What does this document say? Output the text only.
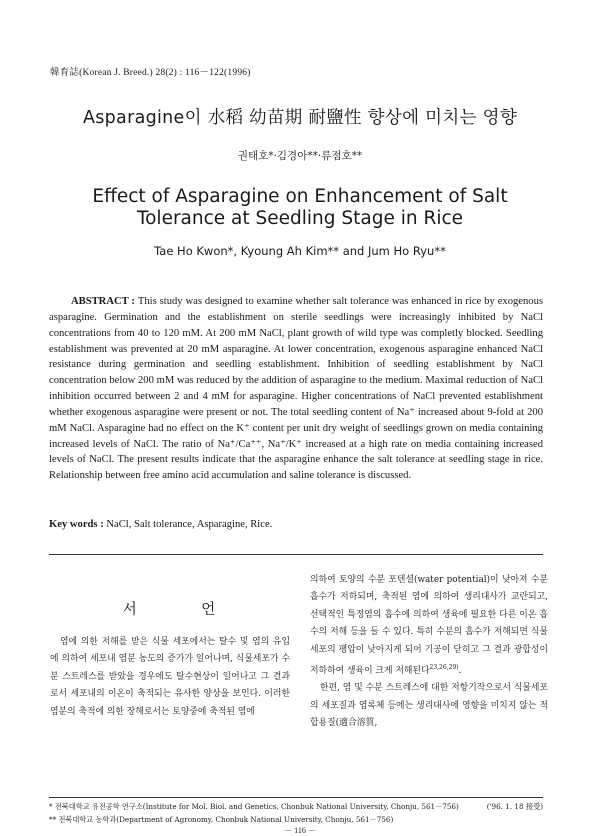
韓育誌(Korean J. Breed.) 28(2) : 116－122(1996)
Asparagine이 水稻 幼苗期 耐鹽性 향상에 미치는 영향
권태호*·김경아**·류점호**
Effect of Asparagine on Enhancement of Salt
Tolerance at Seedling Stage in Rice
Tae Ho Kwon*, Kyoung Ah Kim** and Jum Ho Ryu**
ABSTRACT : This study was designed to examine whether salt tolerance was enhanced in rice by exogenous asparagine. Germination and the establishment on sterile seedlings were increasingly inhibited by NaCl concentrations from 40 to 120 mM. At 200 mM NaCl, plant growth of wild type was completly blocked. Seedling establishment was prevented at 20 mM asparagine. At lower concentration, exogenous asparagine enhanced NaCl resistance during germination and seedling establishment. Inhibition of seedling establishment by NaCl concentration below 200 mM was reduced by the addition of asparagine to the medium. Maximal reduction of NaCl inhibition occurred between 2 and 4 mM for asparagine. Higher concentrations of NaCl prevented establishment whether exogenous asparagine were present or not. The total seedling content of Na⁺ increased about 9-fold at 200 mM NaCl. Asparagine had no effect on the K⁺ content per unit dry weight of seedlings grown on media containing increased levels of NaCl. The ratio of Na⁺/Ca⁺⁺, Na⁺/K⁺ increased at a high rate on media containing increased levels of NaCl. The present results indicate that the asparagine enhance the salt tolerance at seedling stage in rice. Relationship between free amino acid accumulation and saline tolerance is discussed.
Key words : NaCl, Salt tolerance, Asparagine, Rice.
서 언

염에 의한 저해를 받은 식물 세포에서는 탈수 및 염의 유입에 의하여 세포내 염분 농도의 증가가 일어나며, 식물세포가 수분 스트레스를 받았을 경우에도 탈수현상이 일어나고 그 결과로서 세포내의 이온이 축적되는 유사한 양상을 보인다. 이러한 염분의 축적에 의한 장해로서는 토양중에 축적된 염에

의하여 토양의 수분 포텐셜(water potential)이 낮아져 수분 흡수가 저하되며, 축적된 염에 의하여 생리대사가 교란되고, 선택적인 특정염의 흡수에 의하여 생육에 필요한 다른 이온 흡수의 저해 등을 들 수 있다. 특히 수분의 흡수가 저해되면 식물세포의 팽압이 낮아지게 되어 기공이 닫히고 그 결과 광합성이 저하하여 생육이 크게 저해된다$^{23,26,29)}$.

한편, 염 및 수분 스트레스에 대한 저항기작으로서 식물세포의 세포질과 엽록체 등에는 생리대사에 영향을 미치지 않는 적합용질(適合溶質,

* 전북대학교 유전공학 연구소(Institute for Mol. Biol. and Genetics, Chonbuk National University, Chonju, 561－756)	('96. 1. 18 接受)
** 전북대학교 농학과(Department of Agronomy, Chonbuk National University, Chonju, 561－756)
－ 116 －
